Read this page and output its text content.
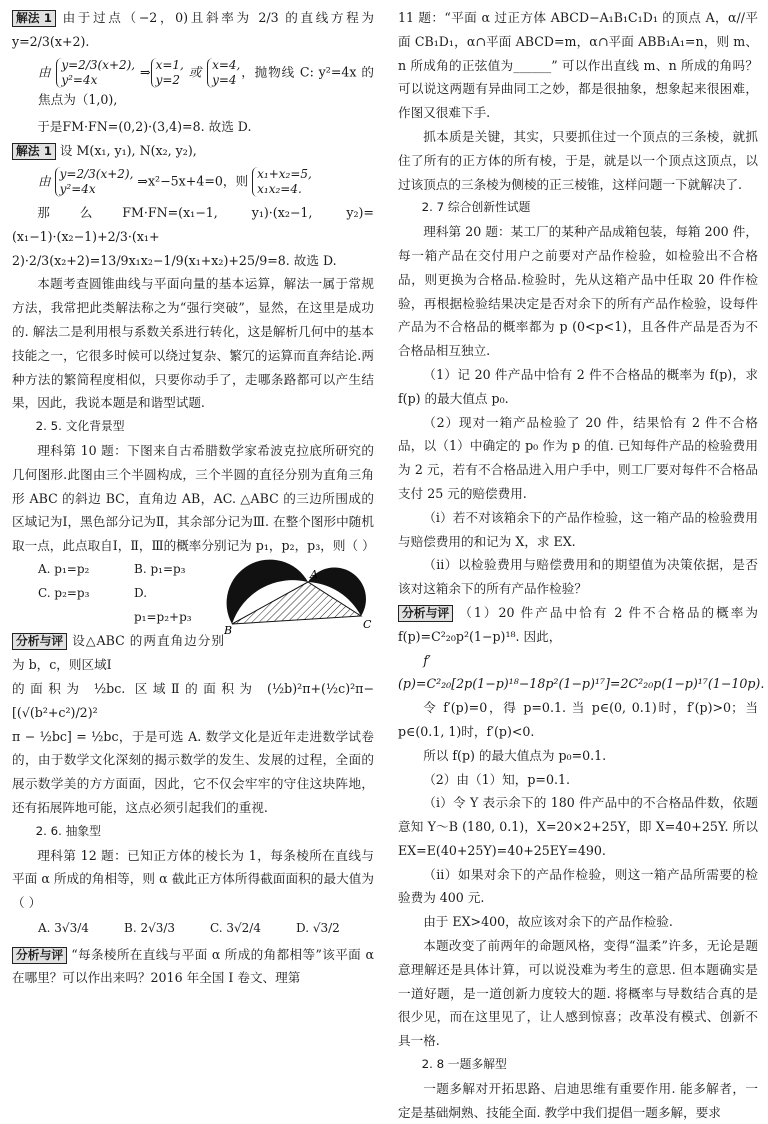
解法 1 由于过点（−2，0)且斜率为 2/3 的直线方程为 y=2/3(x+2).

由 y=2/3(x+2),
y²=4x ⇒ x=1,
y=2 或 x=4,
y=4，抛物线 C: y²=4x 的焦点为（1,0),

于是FM·FN=(0,2)·(3,4)=8. 故选 D.

解法 1 设 M(x₁, y₁), N(x₂, y₂),

由 y=2/3(x+2),
y²=4x ⇒x²−5x+4=0，则 x₁+x₂=5,
x₁x₂=4.

那么FM·FN=(x₁−1, y₁)·(x₂−1, y₂)=(x₁−1)·(x₂−1)+2/3·(x₁+

2)·2/3(x₂+2)=13/9x₁x₂−1/9(x₁+x₂)+25/9=8. 故选 D.

本题考查圆锥曲线与平面向量的基本运算，解法一属于常规方法，我常把此类解法称之为“强行突破”，显然，在这里是成功的. 解法二是利用根与系数关系进行转化，这是解析几何中的基本技能之一，它很多时候可以绕过复杂、繁冗的运算而直奔结论.两种方法的繁简程度相似，只要你动手了，走哪条路都可以产生结果，因此，我说本题是和谐型试题.

2. 5. 文化背景型

理科第 10 题：下图来自古希腊数学家希波克拉底所研究的几何图形.此图由三个半圆构成，三个半圆的直径分别为直角三角形 ABC 的斜边 BC，直角边 AB，AC. △ABC 的三边所围成的区域记为Ⅰ，黑色部分记为Ⅱ，其余部分记为Ⅲ. 在整个图形中随机取一点，此点取自Ⅰ，Ⅱ，Ⅲ的概率分别记为 p₁，p₂，p₃，则（ ）

A. p₁=p₂	B. p₁=p₃
C. p₂=p₃	D. p₁=p₂+p₃

分析与评 设△ABC 的两直角边分别为 b，c，则区域Ⅰ

A
B	C

的面积为 ½bc. 区域Ⅱ的面积为 (½b)²π+(½c)²π−[(√(b²+c²)/2)²

π − ½bc] = ½bc，于是可选 A. 数学文化是近年走进数学试卷的，由于数学文化深刻的揭示数学的发生、发展的过程，全面的展示数学美的方方面面，因此，它不仅会牢牢的守住这块阵地，还有拓展阵地可能，这点必须引起我们的重视.

2. 6. 抽象型

理科第 12 题：已知正方体的棱长为 1，每条棱所在直线与平面 α 所成的角相等，则 α 截此正方体所得截面面积的最大值为（ ）

A. 3√3/4	B. 2√3/3	C. 3√2/4	D. √3/2

分析与评 “每条棱所在直线与平面 α 所成的角都相等”该平面 α 在哪里？可以作出来吗？2016 年全国 I 卷文、理第

11 题：“平面 α 过正方体 ABCD−A₁B₁C₁D₁ 的顶点 A，α//平面 CB₁D₁，α∩平面 ABCD=m，α∩平面 ABB₁A₁=n，则 m、n 所成角的正弦值为______” 可以作出直线 m、n 所成的角吗？可以说这两题有异曲同工之妙，都是很抽象，想象起来很困难，作图又很难下手.

抓本质是关键，其实，只要抓住过一个顶点的三条棱，就抓住了所有的正方体的所有棱，于是，就是以一个顶点这顶点，以过该顶点的三条棱为侧棱的正三棱锥，这样问题一下就解决了.

2. 7 综合创新性试题

理科第 20 题：某工厂的某种产品成箱包装，每箱 200 件，每一箱产品在交付用户之前要对产品作检验，如检验出不合格品，则更换为合格品.检验时，先从这箱产品中任取 20 件作检验，再根据检验结果决定是否对余下的所有产品作检验，设每件产品为不合格品的概率都为 p (0<p<1)，且各件产品是否为不合格品相互独立.

（1）记 20 件产品中恰有 2 件不合格品的概率为 f(p)，求 f(p) 的最大值点 p₀.

（2）现对一箱产品检验了 20 件，结果恰有 2 件不合格品，以（1）中确定的 p₀ 作为 p 的值. 已知每件产品的检验费用为 2 元，若有不合格品进入用户手中，则工厂要对每件不合格品支付 25 元的赔偿费用.

（i）若不对该箱余下的产品作检验，这一箱产品的检验费用与赔偿费用的和记为 X，求 EX.

（ii）以检验费用与赔偿费用和的期望值为决策依据，是否该对这箱余下的所有产品作检验？

分析与评 （1）20 件产品中恰有 2 件不合格品的概率为 f(p)=C²₂₀p²(1−p)¹⁸. 因此，

f′(p)=C²₂₀[2p(1−p)¹⁸−18p²(1−p)¹⁷]=2C²₂₀p(1−p)¹⁷(1−10p).

令 f′(p)=0，得 p=0.1. 当 p∈(0, 0.1)时，f′(p)>0；当 p∈(0.1, 1)时，f′(p)<0.

所以 f(p) 的最大值点为 p₀=0.1.

（2）由（1）知，p=0.1.

（i）令 Y 表示余下的 180 件产品中的不合格品件数，依题意知 Y～B (180, 0.1)，X=20×2+25Y，即 X=40+25Y. 所以 EX=E(40+25Y)=40+25EY=490.

（ii）如果对余下的产品作检验，则这一箱产品所需要的检验费为 400 元.

由于 EX>400，故应该对余下的产品作检验.

本题改变了前两年的命题风格，变得“温柔”许多，无论是题意理解还是具体计算，可以说没难为考生的意思. 但本题确实是一道好题，是一道创新力度较大的题. 将概率与导数结合真的是很少见，而在这里见了，让人感到惊喜；改革没有模式、创新不具一格.

2. 8 一题多解型

一题多解对开拓思路、启迪思维有重要作用. 能多解者，一定是基础烔熟、技能全面. 教学中我们提倡一题多解，要求
